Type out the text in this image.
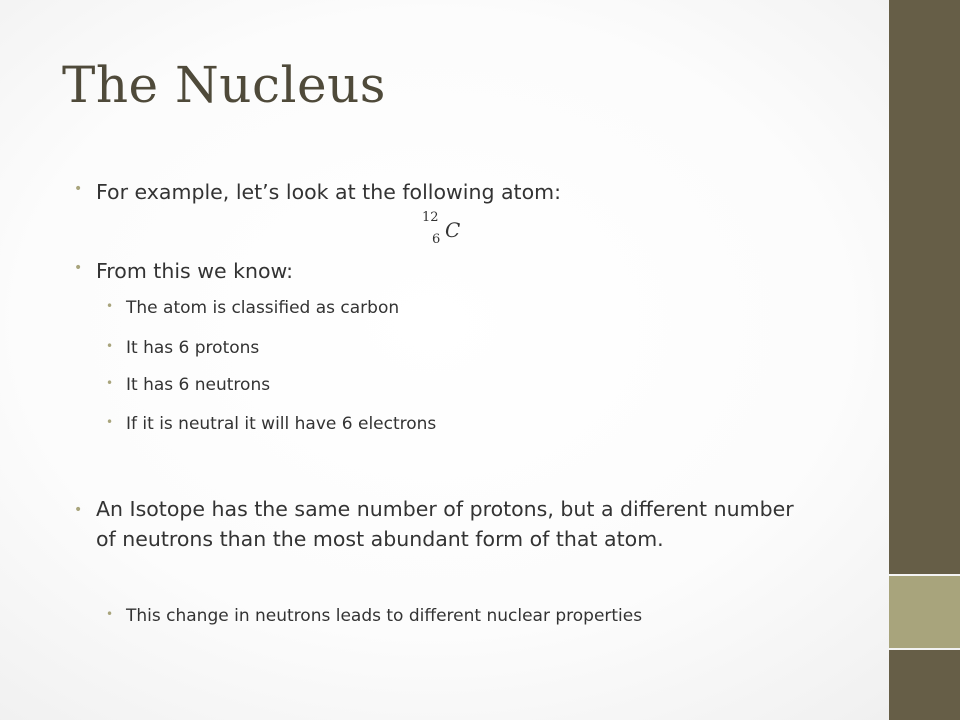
The Nucleus
• For example, let’s look at the following atom:
12
6 C
• From this we know:
• The atom is classified as carbon
• It has 6 protons
• It has 6 neutrons
• If it is neutral it will have 6 electrons
• An Isotope has the same number of protons, but a different number of neutrons than the most abundant form of that atom.
• This change in neutrons leads to different nuclear properties
